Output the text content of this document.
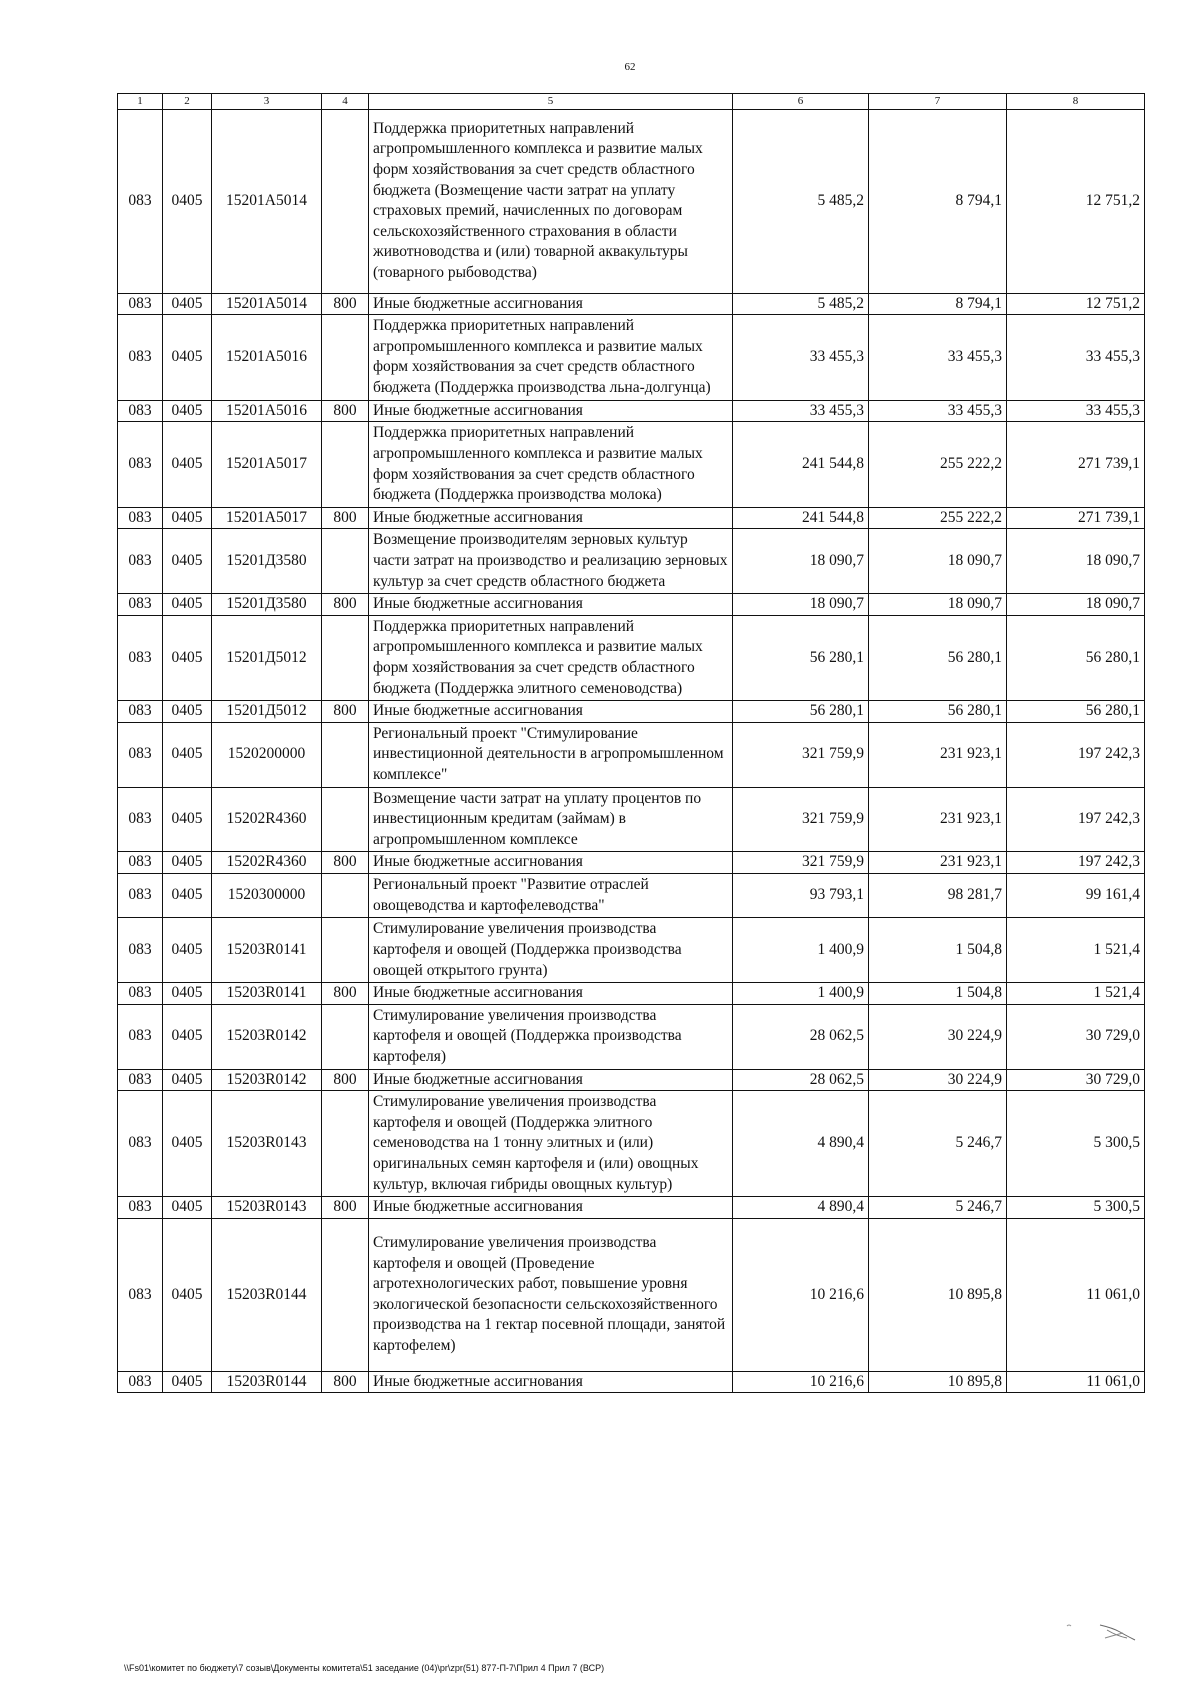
62
1	2	3	4	5	6	7	8
083	0405	15201А5014		Поддержка приоритетных направлений агропромышленного комплекса и развитие малых форм хозяйствования за счет средств областного бюджета (Возмещение части затрат на уплату страховых премий, начисленных по договорам сельскохозяйственного страхования в области животноводства и (или) товарной аквакультуры (товарного рыбоводства)	5 485,2	8 794,1	12 751,2
083	0405	15201А5014	800	Иные бюджетные ассигнования	5 485,2	8 794,1	12 751,2
083	0405	15201А5016		Поддержка приоритетных направлений агропромышленного комплекса и развитие малых форм хозяйствования за счет средств областного бюджета (Поддержка производства льна-долгунца)	33 455,3	33 455,3	33 455,3
083	0405	15201А5016	800	Иные бюджетные ассигнования	33 455,3	33 455,3	33 455,3
083	0405	15201А5017		Поддержка приоритетных направлений агропромышленного комплекса и развитие малых форм хозяйствования за счет средств областного бюджета (Поддержка производства молока)	241 544,8	255 222,2	271 739,1
083	0405	15201А5017	800	Иные бюджетные ассигнования	241 544,8	255 222,2	271 739,1
083	0405	15201Д3580		Возмещение производителям зерновых культур части затрат на производство и реализацию зерновых культур за счет средств областного бюджета	18 090,7	18 090,7	18 090,7
083	0405	15201Д3580	800	Иные бюджетные ассигнования	18 090,7	18 090,7	18 090,7
083	0405	15201Д5012		Поддержка приоритетных направлений агропромышленного комплекса и развитие малых форм хозяйствования за счет средств областного бюджета (Поддержка элитного семеноводства)	56 280,1	56 280,1	56 280,1
083	0405	15201Д5012	800	Иные бюджетные ассигнования	56 280,1	56 280,1	56 280,1
083	0405	1520200000		Региональный проект "Стимулирование инвестиционной деятельности в агропромышленном комплексе"	321 759,9	231 923,1	197 242,3
083	0405	15202R4360		Возмещение части затрат на уплату процентов по инвестиционным кредитам (займам) в агропромышленном комплексе	321 759,9	231 923,1	197 242,3
083	0405	15202R4360	800	Иные бюджетные ассигнования	321 759,9	231 923,1	197 242,3
083	0405	1520300000		Региональный проект "Развитие отраслей овощеводства и картофелеводства"	93 793,1	98 281,7	99 161,4
083	0405	15203R0141		Стимулирование увеличения производства картофеля и овощей (Поддержка производства овощей открытого грунта)	1 400,9	1 504,8	1 521,4
083	0405	15203R0141	800	Иные бюджетные ассигнования	1 400,9	1 504,8	1 521,4
083	0405	15203R0142		Стимулирование увеличения производства картофеля и овощей (Поддержка производства картофеля)	28 062,5	30 224,9	30 729,0
083	0405	15203R0142	800	Иные бюджетные ассигнования	28 062,5	30 224,9	30 729,0
083	0405	15203R0143		Стимулирование увеличения производства картофеля и овощей (Поддержка элитного семеноводства на 1 тонну элитных и (или) оригинальных семян картофеля и (или) овощных культур, включая гибриды овощных культур)	4 890,4	5 246,7	5 300,5
083	0405	15203R0143	800	Иные бюджетные ассигнования	4 890,4	5 246,7	5 300,5
083	0405	15203R0144		Стимулирование увеличения производства картофеля и овощей (Проведение агротехнологических работ, повышение уровня экологической безопасности сельскохозяйственного производства на 1 гектар посевной площади, занятой картофелем)	10 216,6	10 895,8	11 061,0
083	0405	15203R0144	800	Иные бюджетные ассигнования	10 216,6	10 895,8	11 061,0
\\Fs01\комитет по бюджету\7 созыв\Документы комитета\51 заседание (04)\pr\zpr(51) 877-П-7\Прил 4 Прил 7 (ВСР)
